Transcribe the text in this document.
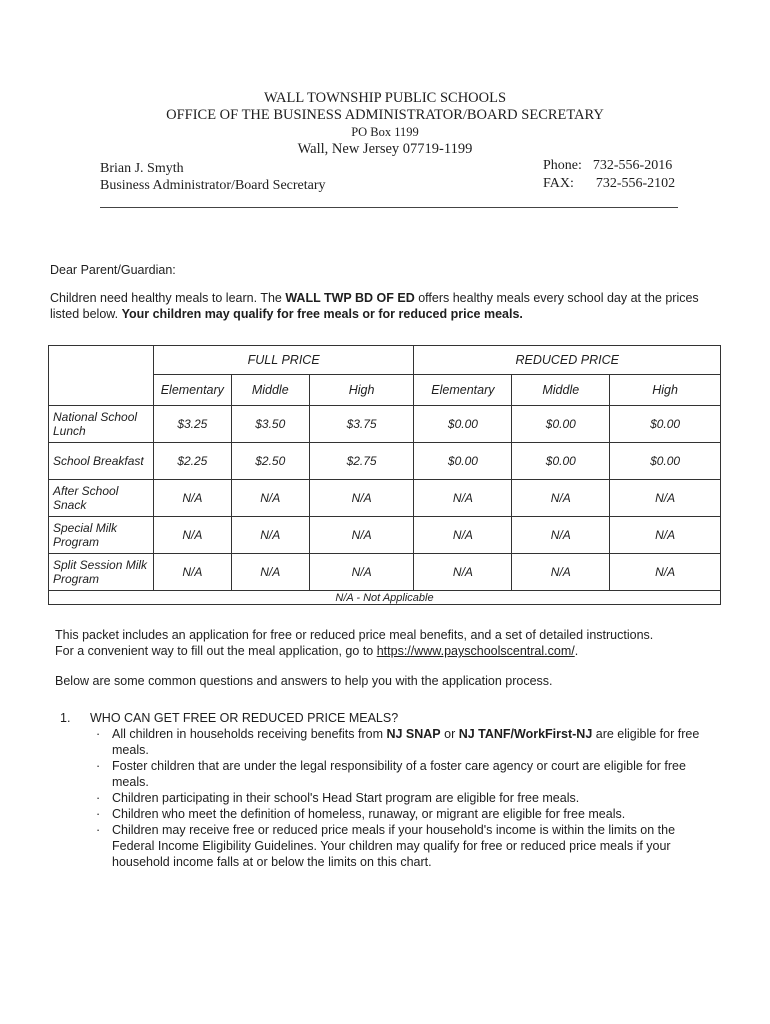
WALL TOWNSHIP PUBLIC SCHOOLS
OFFICE OF THE BUSINESS ADMINISTRATOR/BOARD SECRETARY
PO Box 1199
Wall, New Jersey 07719-1199
Brian J. Smyth
Business Administrator/Board Secretary
Phone: 732-556-2016
FAX: 732-556-2102
Dear Parent/Guardian:
Children need healthy meals to learn. The WALL TWP BD OF ED offers healthy meals every school day at the prices listed below. Your children may qualify for free meals or for reduced price meals.
	FULL PRICE			REDUCED PRICE		
	Elementary	Middle	High	Elementary	Middle	High
National School Lunch	$3.25	$3.50	$3.75	$0.00	$0.00	$0.00
School Breakfast	$2.25	$2.50	$2.75	$0.00	$0.00	$0.00
After School Snack	N/A	N/A	N/A	N/A	N/A	N/A
Special Milk Program	N/A	N/A	N/A	N/A	N/A	N/A
Split Session Milk Program	N/A	N/A	N/A	N/A	N/A	N/A
N/A - Not Applicable						
This packet includes an application for free or reduced price meal benefits, and a set of detailed instructions.
For a convenient way to fill out the meal application, go to https://www.payschoolscentral.com/.
Below are some common questions and answers to help you with the application process.
1. WHO CAN GET FREE OR REDUCED PRICE MEALS?
· All children in households receiving benefits from NJ SNAP or NJ TANF/WorkFirst-NJ are eligible for free meals.
· Foster children that are under the legal responsibility of a foster care agency or court are eligible for free meals.
· Children participating in their school's Head Start program are eligible for free meals.
· Children who meet the definition of homeless, runaway, or migrant are eligible for free meals.
· Children may receive free or reduced price meals if your household's income is within the limits on the Federal Income Eligibility Guidelines. Your children may qualify for free or reduced price meals if your household income falls at or below the limits on this chart.
